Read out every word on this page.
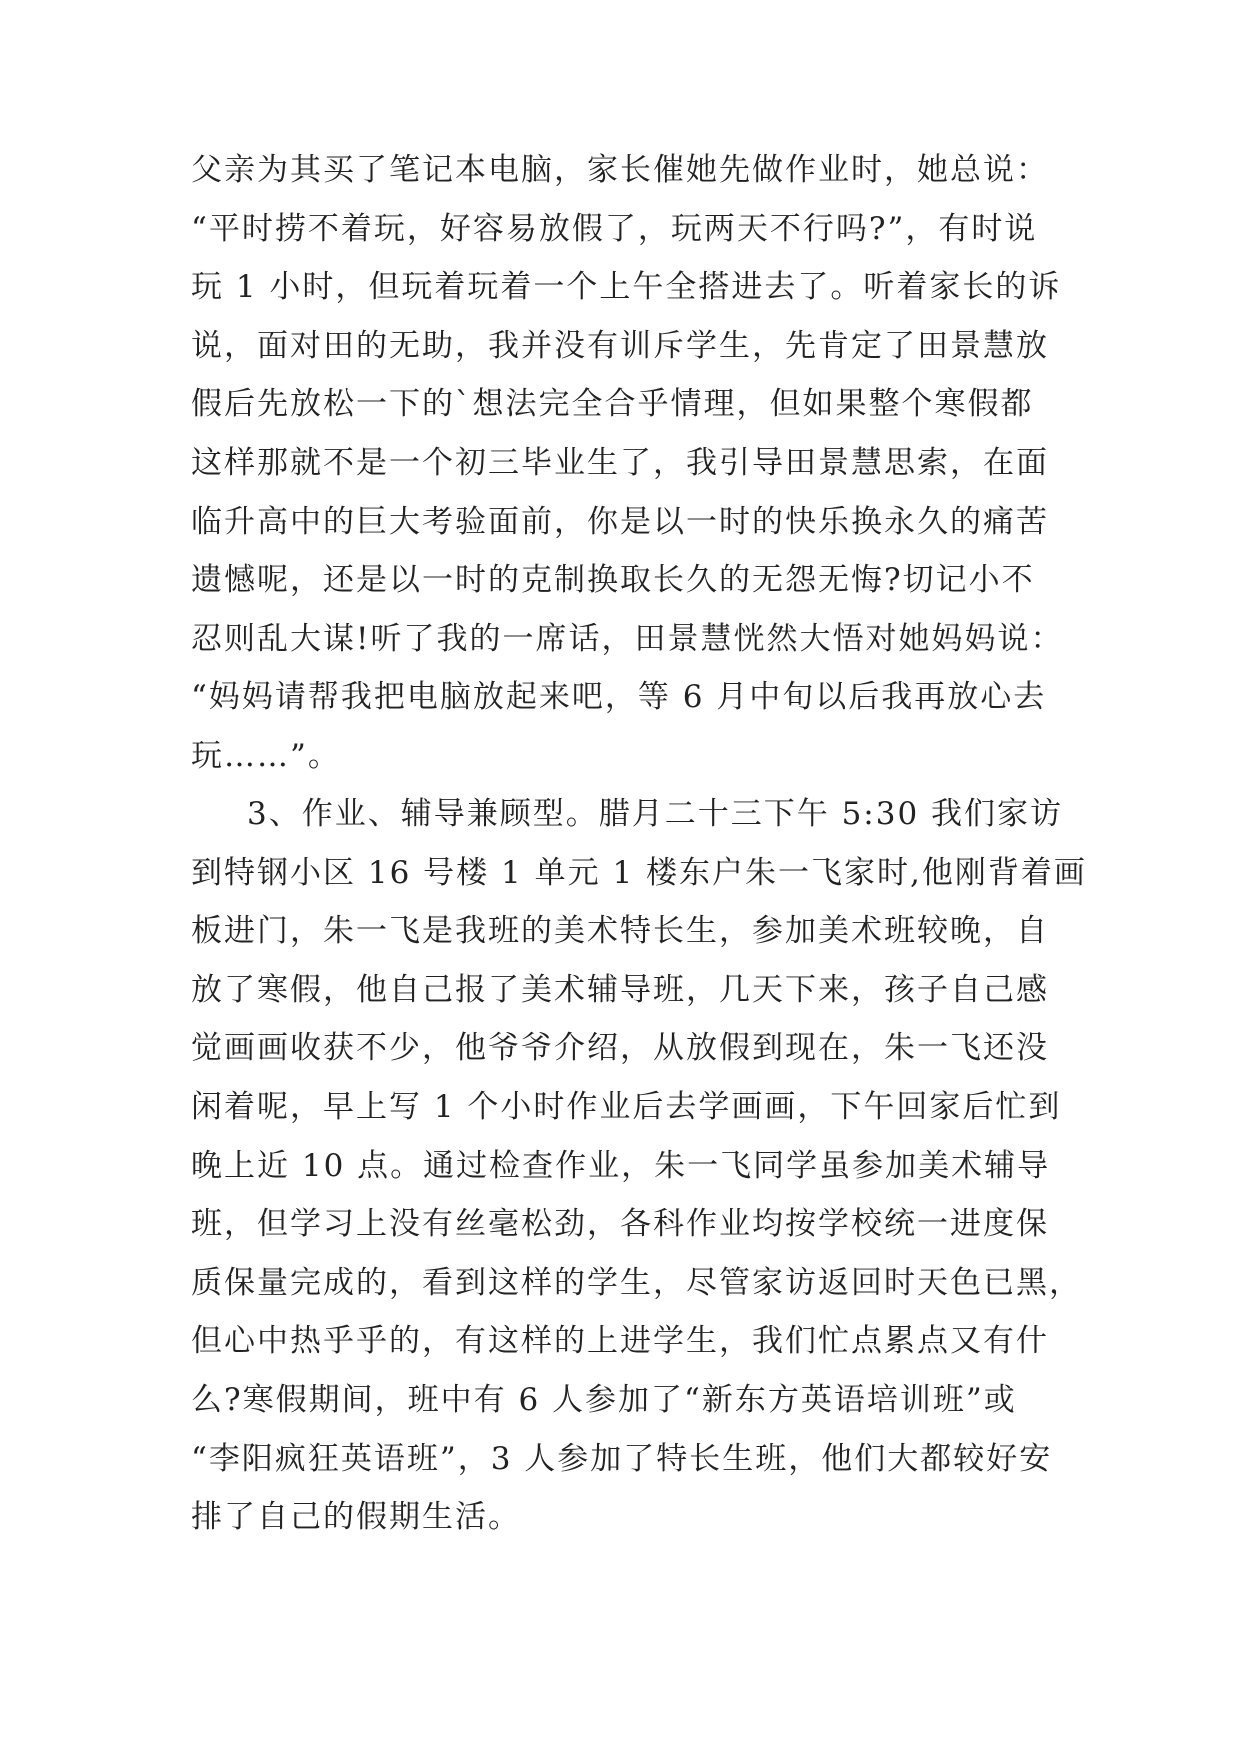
父亲为其买了笔记本电脑，家长催她先做作业时，她总说：
“平时捞不着玩，好容易放假了，玩两天不行吗?”，有时说
玩 1 小时，但玩着玩着一个上午全搭进去了。听着家长的诉
说，面对田的无助，我并没有训斥学生，先肯定了田景慧放
假后先放松一下的`想法完全合乎情理，但如果整个寒假都
这样那就不是一个初三毕业生了，我引导田景慧思索，在面
临升高中的巨大考验面前，你是以一时的快乐换永久的痛苦
遗憾呢，还是以一时的克制换取长久的无怨无悔?切记小不
忍则乱大谋!听了我的一席话，田景慧恍然大悟对她妈妈说：
“妈妈请帮我把电脑放起来吧，等 6 月中旬以后我再放心去
玩……”。
3、作业、辅导兼顾型。腊月二十三下午 5:30 我们家访
到特钢小区 16 号楼 1 单元 1 楼东户朱一飞家时,他刚背着画
板进门，朱一飞是我班的美术特长生，参加美术班较晚，自
放了寒假，他自己报了美术辅导班，几天下来，孩子自己感
觉画画收获不少，他爷爷介绍，从放假到现在，朱一飞还没
闲着呢，早上写 1 个小时作业后去学画画，下午回家后忙到
晚上近 10 点。通过检查作业，朱一飞同学虽参加美术辅导
班，但学习上没有丝毫松劲，各科作业均按学校统一进度保
质保量完成的，看到这样的学生，尽管家访返回时天色已黑，
但心中热乎乎的，有这样的上进学生，我们忙点累点又有什
么?寒假期间，班中有 6 人参加了“新东方英语培训班”或
“李阳疯狂英语班”，3 人参加了特长生班，他们大都较好安
排了自己的假期生活。
